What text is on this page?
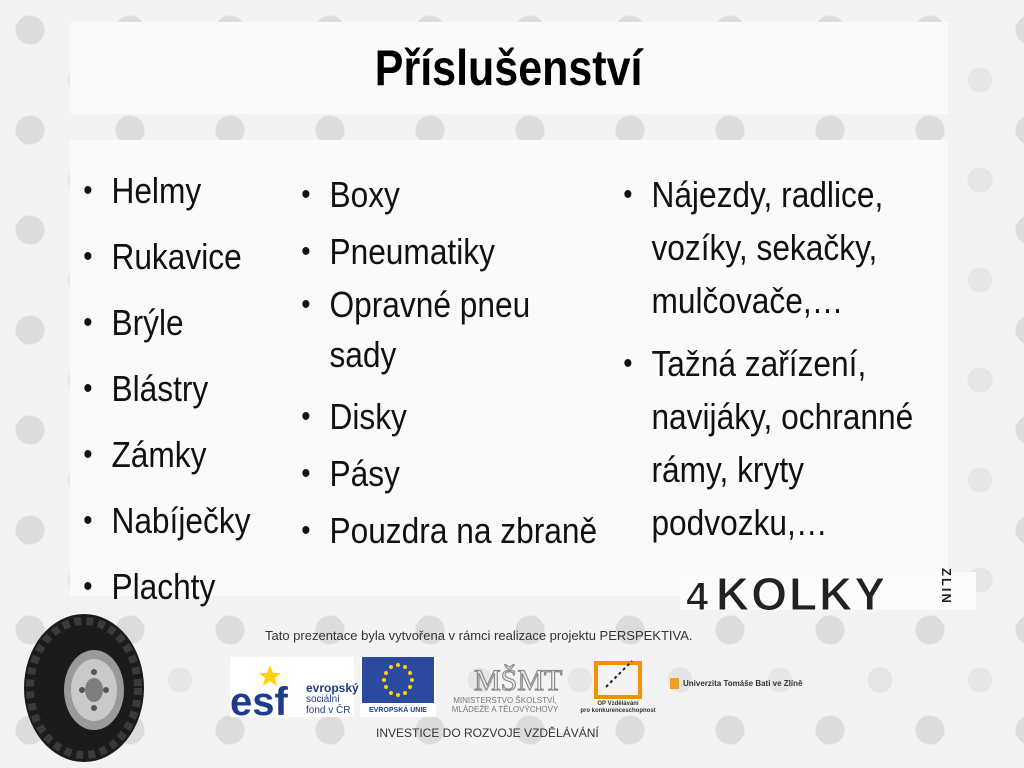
Příslušenství
• Helmy
• Rukavice
• Brýle
• Blástry
• Zámky
• Nabíječky
• Plachty
• Boxy
• Pneumatiky
• Opravné pneu sady
• Disky
• Pásy
• Pouzdra na zbraně
• Nájezdy, radlice, vozíky, sekačky, mulčovače,…
• Tažná zařízení, navijáky, ochranné rámy, kryty podvozku,…
4 KOLKY	ZLIN
Tato prezentace byla vytvořena v rámci realizace projektu PERSPEKTIVA.
esf evropský
sociální
fond v ČR	EVROPSKÁ UNIE
MŠMT
MINISTERSTVO ŠKOLSTVÍ,
MLÁDEŽE A TĚLOVÝCHOVY
OP Vzdělávání
pro konkurenceschopnost
Univerzita Tomáše Bati ve Zlíně
INVESTICE DO ROZVOJE VZDĚLÁVÁNÍ
